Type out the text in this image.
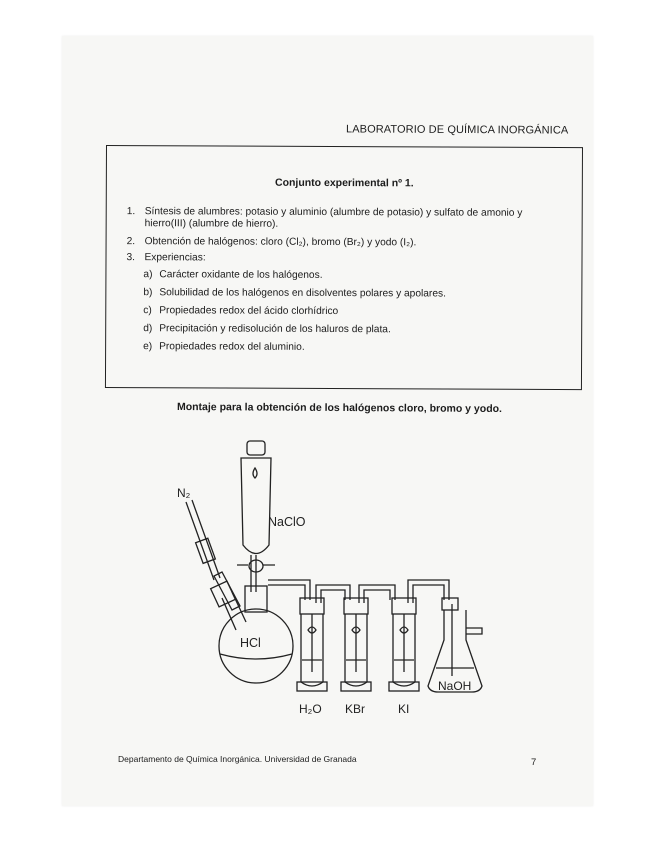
LABORATORIO DE QUÍMICA INORGÁNICA
Conjunto experimental nº 1.
1. Síntesis de alumbres: potasio y aluminio (alumbre de potasio) y sulfato de amonio y hierro(III) (alumbre de hierro).
2. Obtención de halógenos: cloro (Cl₂), bromo (Br₂) y yodo (I₂).
3. Experiencias:
a) Carácter oxidante de los halógenos.
b) Solubilidad de los halógenos en disolventes polares y apolares.
c) Propiedades redox del ácido clorhídrico
d) Precipitación y redisolución de los haluros de plata.
e) Propiedades redox del aluminio.
Montaje para la obtención de los halógenos cloro, bromo y yodo.
N₂
NaClO
HCl
H₂O KBr	KI
NaOH
Departamento de Química Inorgánica. Universidad de Granada	7
